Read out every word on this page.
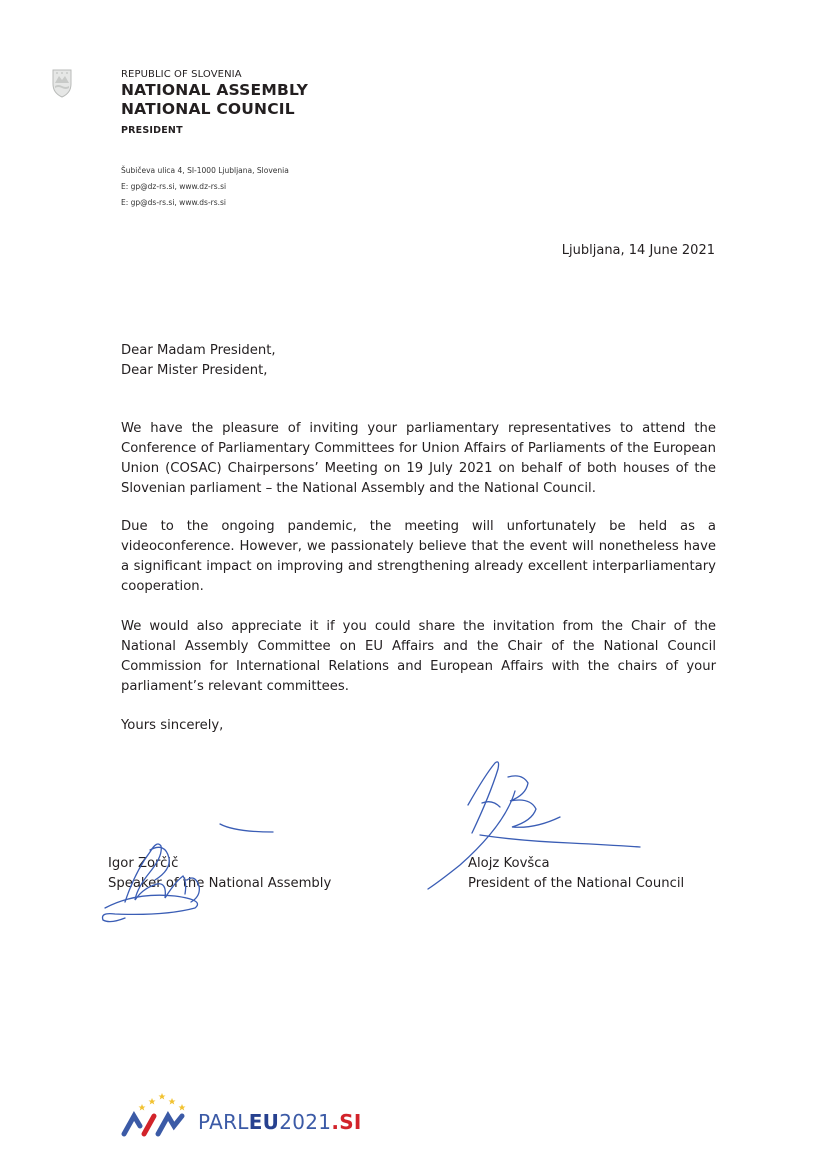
REPUBLIC OF SLOVENIA
NATIONAL ASSEMBLY
NATIONAL COUNCIL
PRESIDENT
Šubičeva ulica 4, SI-1000 Ljubljana, Slovenia
E: gp@dz-rs.si, www.dz-rs.si
E: gp@ds-rs.si, www.ds-rs.si
Ljubljana, 14 June 2021
Dear Madam President,
Dear Mister President,
We have the pleasure of inviting your parliamentary representatives to attend the Conference of Parliamentary Committees for Union Affairs of Parliaments of the European Union (COSAC) Chairpersons’ Meeting on 19 July 2021 on behalf of both houses of the Slovenian parliament – the National Assembly and the National Council.
Due to the ongoing pandemic, the meeting will unfortunately be held as a videoconference. However, we passionately believe that the event will nonetheless have a significant impact on improving and strengthening already excellent interparliamentary cooperation.
We would also appreciate it if you could share the invitation from the Chair of the National Assembly Committee on EU Affairs and the Chair of the National Council Commission for International Relations and European Affairs with the chairs of your parliament’s relevant committees.
Yours sincerely,
Igor Zorčič
Speaker of the National Assembly
Alojz Kovšca
President of the National Council
PARLEU2021.SI
